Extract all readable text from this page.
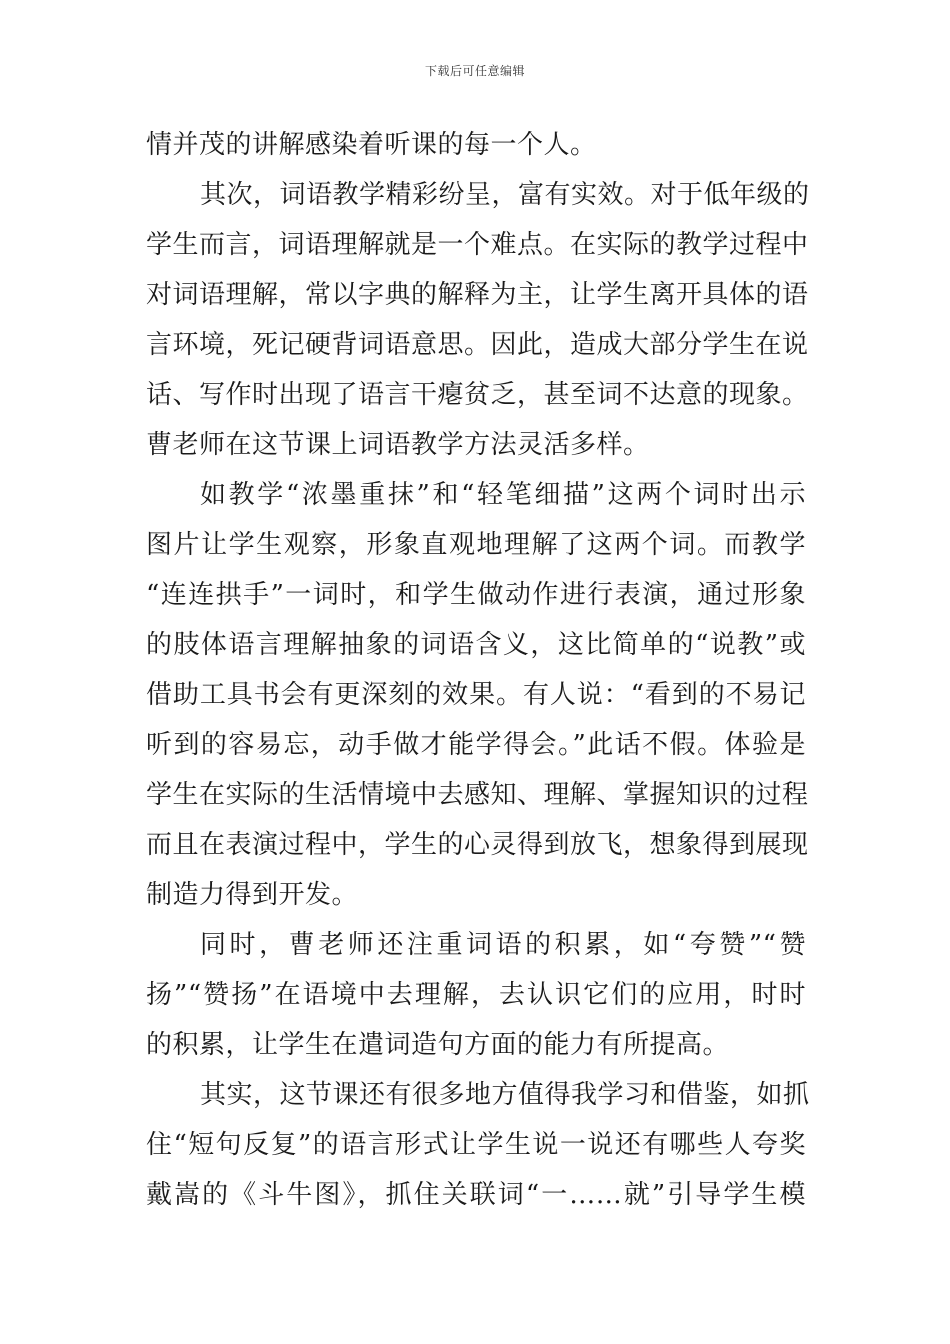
下载后可任意编辑
情并茂的讲解感染着听课的每一个人。
其次，词语教学精彩纷呈，富有实效。对于低年级的
学生而言，词语理解就是一个难点。在实际的教学过程中
对词语理解，常以字典的解释为主，让学生离开具体的语
言环境，死记硬背词语意思。因此，造成大部分学生在说
话、写作时出现了语言干瘪贫乏，甚至词不达意的现象。
曹老师在这节课上词语教学方法灵活多样。
如教学“浓墨重抹”和“轻笔细描”这两个词时出示
图片让学生观察，形象直观地理解了这两个词。而教学
“连连拱手”一词时，和学生做动作进行表演，通过形象
的肢体语言理解抽象的词语含义，这比简单的“说教”或
借助工具书会有更深刻的效果。有人说：“看到的不易记
听到的容易忘，动手做才能学得会。”此话不假。体验是
学生在实际的生活情境中去感知、理解、掌握知识的过程
而且在表演过程中，学生的心灵得到放飞，想象得到展现
制造力得到开发。
同时，曹老师还注重词语的积累，如“夸赞”“赞
扬”“赞扬”在语境中去理解，去认识它们的应用，时时
的积累，让学生在遣词造句方面的能力有所提高。
其实，这节课还有很多地方值得我学习和借鉴，如抓
住“短句反复”的语言形式让学生说一说还有哪些人夸奖
戴嵩的《斗牛图》，抓住关联词“一……就”引导学生模
